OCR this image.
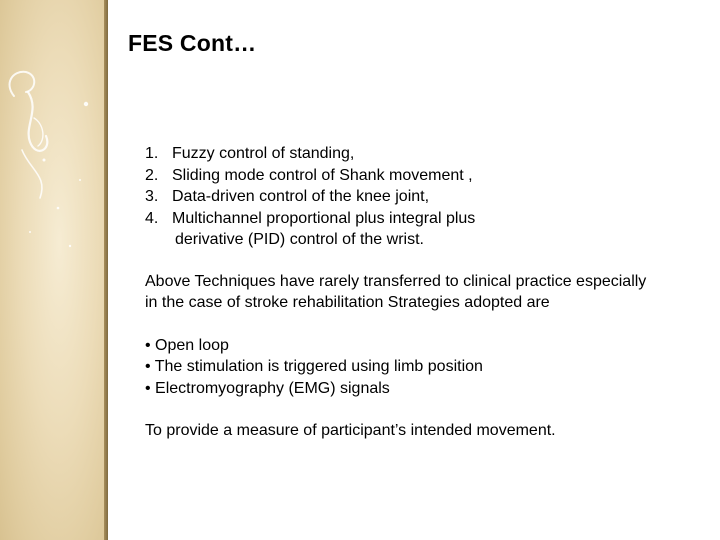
FES Cont…
1. Fuzzy control of standing,
2. Sliding mode control of Shank movement ,
3. Data-driven control of the knee joint,
4. Multichannel proportional plus integral plus
derivative (PID) control of the wrist.
Above Techniques have rarely transferred to clinical practice especially
in the case of stroke rehabilitation Strategies adopted are
• Open loop
• The stimulation is triggered using limb position
• Electromyography (EMG) signals
To provide a measure of participant’s intended movement.
